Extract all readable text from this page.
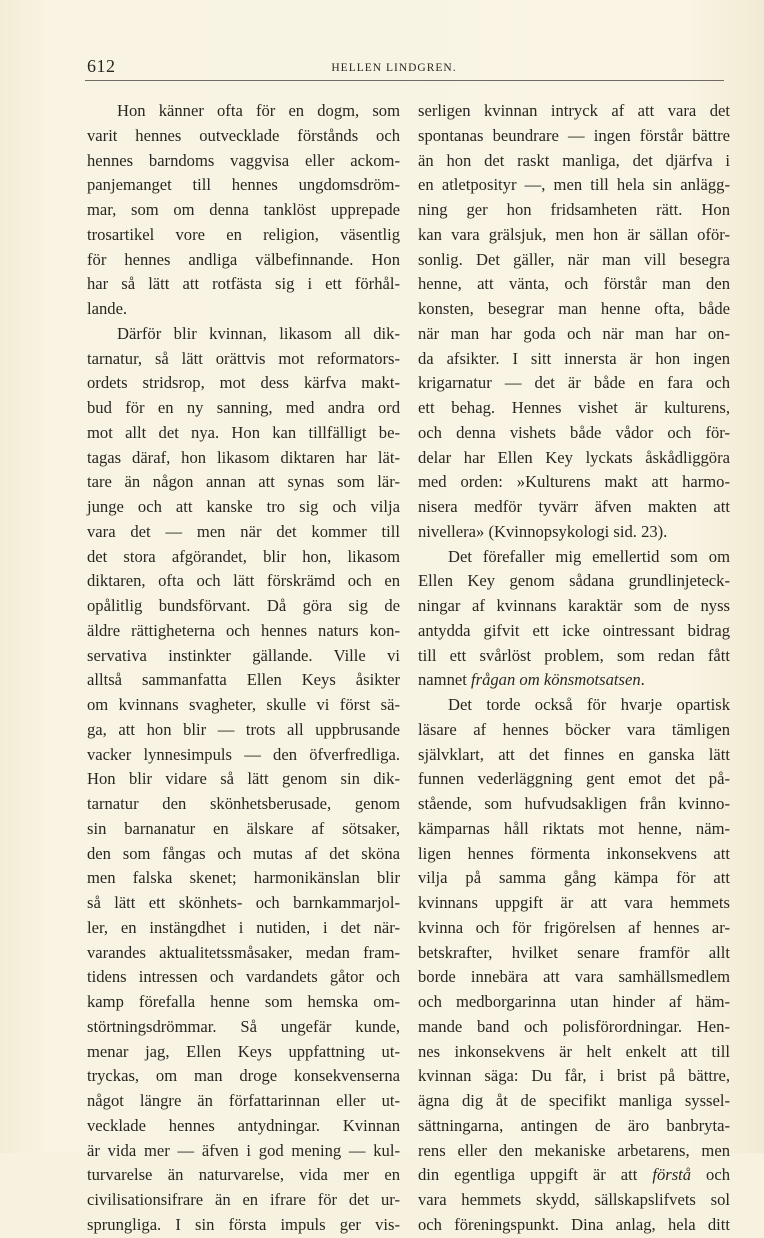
612	HELLEN LINDGREN.
Hon känner ofta för en dogm, som
varit hennes outvecklade förstånds och
hennes barndoms vaggvisa eller ackom-
panjemanget till hennes ungdomsdröm-
mar, som om denna tanklöst upprepade
trosartikel vore en religion, väsentlig
för hennes andliga välbefinnande. Hon
har så lätt att rotfästa sig i ett förhål-
lande.
Därför blir kvinnan, likasom all dik-
tarnatur, så lätt orättvis mot reformators-
ordets stridsrop, mot dess kärfva makt-
bud för en ny sanning, med andra ord
mot allt det nya. Hon kan tillfälligt be-
tagas däraf, hon likasom diktaren har lät-
tare än någon annan att synas som lär-
junge och att kanske tro sig och vilja
vara det — men när det kommer till
det stora afgörandet, blir hon, likasom
diktaren, ofta och lätt förskrämd och en
opålitlig bundsförvant. Då göra sig de
äldre rättigheterna och hennes naturs kon-
servativa instinkter gällande. Ville vi
alltså sammanfatta Ellen Keys åsikter
om kvinnans svagheter, skulle vi först sä-
ga, att hon blir — trots all uppbrusande
vacker lynnesimpuls — den öfverfredliga.
Hon blir vidare så lätt genom sin dik-
tarnatur den skönhetsberusade, genom
sin barnanatur en älskare af sötsaker,
den som fångas och mutas af det sköna
men falska skenet; harmonikänslan blir
så lätt ett skönhets- och barnkammarjol-
ler, en instängdhet i nutiden, i det när-
varandes aktualitetssmåsaker, medan fram-
tidens intressen och vardandets gåtor och
kamp förefalla henne som hemska om-
störtningsdrömmar. Så ungefär kunde,
menar jag, Ellen Keys uppfattning ut-
tryckas, om man droge konsekvenserna
något längre än författarinnan eller ut-
vecklade hennes antydningar. Kvinnan
är vida mer — äfven i god mening — kul-
turvarelse än naturvarelse, vida mer en
civilisationsifrare än en ifrare för det ur-
sprungliga. I sin första impuls ger vis-
serligen kvinnan intryck af att vara det
spontanas beundrare — ingen förstår bättre
än hon det raskt manliga, det djärfva i
en atletposityr —, men till hela sin anlägg-
ning ger hon fridsamheten rätt. Hon
kan vara grälsjuk, men hon är sällan oför-
sonlig. Det gäller, när man vill besegra
henne, att vänta, och förstår man den
konsten, besegrar man henne ofta, både
när man har goda och när man har on-
da afsikter. I sitt innersta är hon ingen
krigarnatur — det är både en fara och
ett behag. Hennes vishet är kulturens,
och denna vishets både vådor och för-
delar har Ellen Key lyckats åskådliggöra
med orden: »Kulturens makt att harmo-
nisera medför tyvärr äfven makten att
nivellera» (Kvinnopsykologi sid. 23).
Det förefaller mig emellertid som om
Ellen Key genom sådana grundlinjeteck-
ningar af kvinnans karaktär som de nyss
antydda gifvit ett icke ointressant bidrag
till ett svårlöst problem, som redan fått
namnet frågan om könsmotsatsen.
Det torde också för hvarje opartisk
läsare af hennes böcker vara tämligen
självklart, att det finnes en ganska lätt
funnen vederläggning gent emot det på-
stående, som hufvudsakligen från kvinno-
kämparnas håll riktats mot henne, näm-
ligen hennes förmenta inkonsekvens att
vilja på samma gång kämpa för att
kvinnans uppgift är att vara hemmets
kvinna och för frigörelsen af hennes ar-
betskrafter, hvilket senare framför allt
borde innebära att vara samhällsmedlem
och medborgarinna utan hinder af häm-
mande band och polisförordningar. Hen-
nes inkonsekvens är helt enkelt att till
kvinnan säga: Du får, i brist på bättre,
ägna dig åt de specifikt manliga syssel-
sättningarna, antingen de äro banbryta-
rens eller den mekaniske arbetarens, men
din egentliga uppgift är att förstå och
vara hemmets skydd, sällskapslifvets sol
och föreningspunkt. Dina anlag, hela ditt
